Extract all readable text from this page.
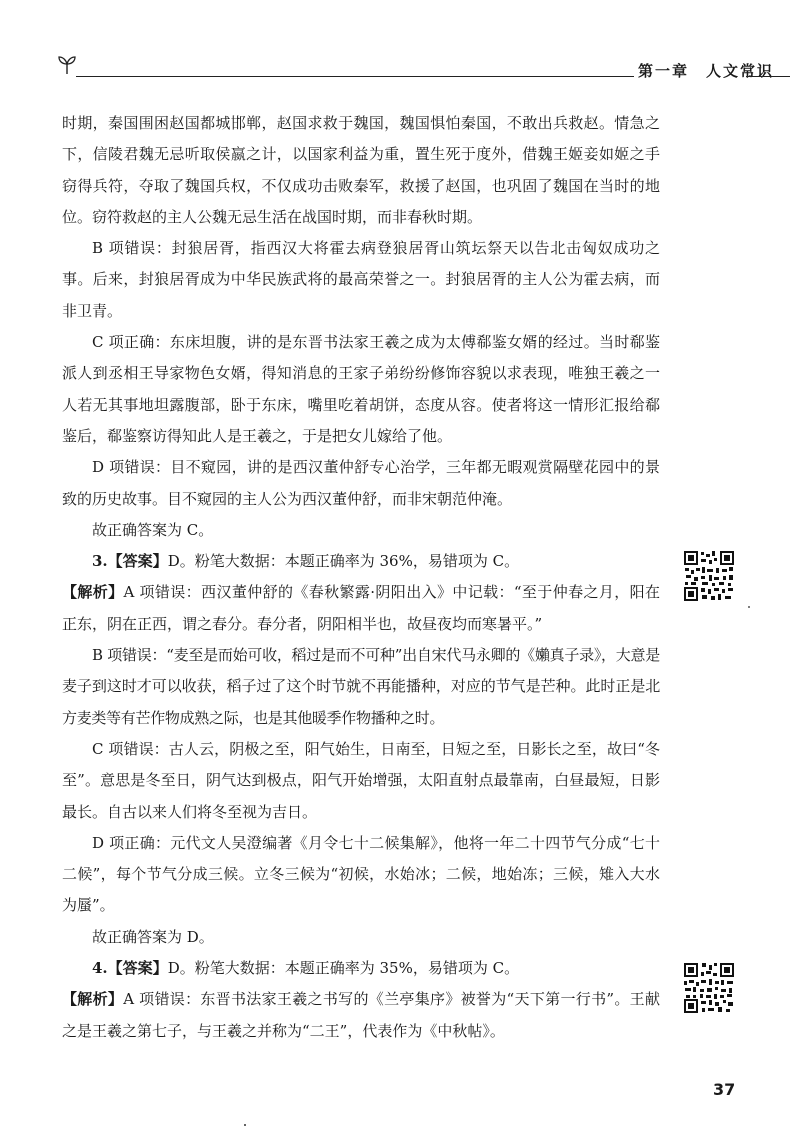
第一章　人文常识

时期，秦国围困赵国都城邯郸，赵国求救于魏国，魏国惧怕秦国，不敢出兵救赵。情急之下，信陵君魏无忌听取侯嬴之计，以国家利益为重，置生死于度外，借魏王姬妾如姬之手窃得兵符，夺取了魏国兵权，不仅成功击败秦军，救援了赵国，也巩固了魏国在当时的地位。窃符救赵的主人公魏无忌生活在战国时期，而非春秋时期。

B 项错误：封狼居胥，指西汉大将霍去病登狼居胥山筑坛祭天以告北击匈奴成功之事。后来，封狼居胥成为中华民族武将的最高荣誉之一。封狼居胥的主人公为霍去病，而非卫青。

C 项正确：东床坦腹，讲的是东晋书法家王羲之成为太傅郗鉴女婿的经过。当时郗鉴派人到丞相王导家物色女婿，得知消息的王家子弟纷纷修饰容貌以求表现，唯独王羲之一人若无其事地坦露腹部，卧于东床，嘴里吃着胡饼，态度从容。使者将这一情形汇报给郗鉴后，郗鉴察访得知此人是王羲之，于是把女儿嫁给了他。

D 项错误：目不窥园，讲的是西汉董仲舒专心治学，三年都无暇观赏隔壁花园中的景致的历史故事。目不窥园的主人公为西汉董仲舒，而非宋朝范仲淹。

故正确答案为 C。

3.【答案】D。粉笔大数据：本题正确率为 36%，易错项为 C。

【解析】A 项错误：西汉董仲舒的《春秋繁露·阴阳出入》中记载：“至于仲春之月，阳在正东，阴在正西，谓之春分。春分者，阴阳相半也，故昼夜均而寒暑平。”

B 项错误：“麦至是而始可收，稻过是而不可种”出自宋代马永卿的《嬾真子录》，大意是麦子到这时才可以收获，稻子过了这个时节就不再能播种，对应的节气是芒种。此时正是北方麦类等有芒作物成熟之际，也是其他暖季作物播种之时。

C 项错误：古人云，阴极之至，阳气始生，日南至，日短之至，日影长之至，故曰“冬至”。意思是冬至日，阴气达到极点，阳气开始增强，太阳直射点最靠南，白昼最短，日影最长。自古以来人们将冬至视为吉日。

D 项正确：元代文人吴澄编著《月令七十二候集解》，他将一年二十四节气分成“七十二候”，每个节气分成三候。立冬三候为“初候，水始冰；二候，地始冻；三候，雉入大水为蜃”。

故正确答案为 D。

4.【答案】D。粉笔大数据：本题正确率为 35%，易错项为 C。

【解析】A 项错误：东晋书法家王羲之书写的《兰亭集序》被誉为“天下第一行书”。王献之是王羲之第七子，与王羲之并称为“二王”，代表作为《中秋帖》。

37
